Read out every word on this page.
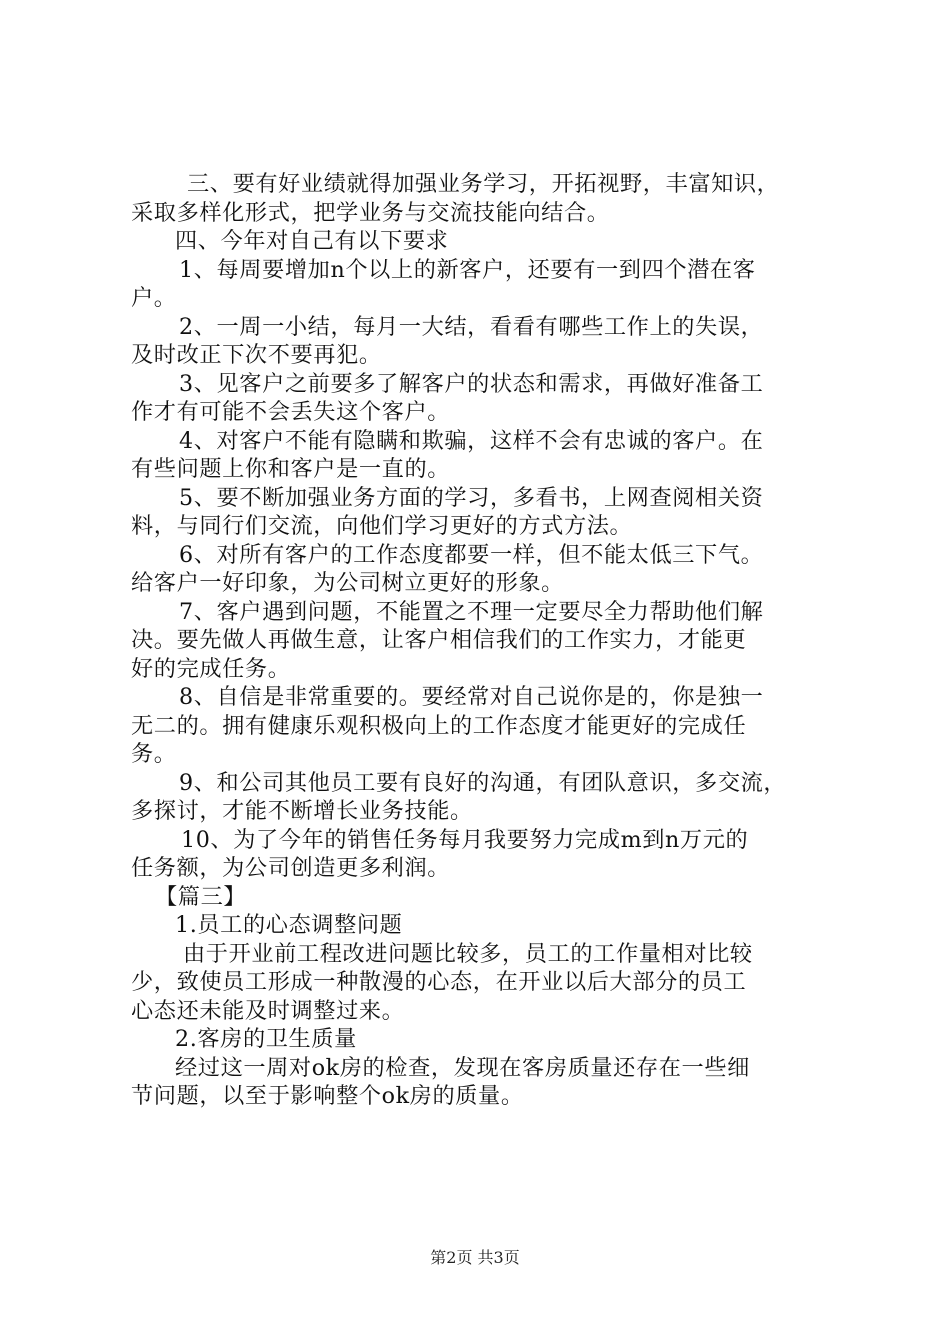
三、要有好业绩就得加强业务学习，开拓视野，丰富知识，
采取多样化形式，把学业务与交流技能向结合。
四、今年对自己有以下要求
1、每周要增加n个以上的新客户，还要有一到四个潜在客
户。
2、一周一小结，每月一大结，看看有哪些工作上的失误，
及时改正下次不要再犯。
3、见客户之前要多了解客户的状态和需求，再做好准备工
作才有可能不会丢失这个客户。
4、对客户不能有隐瞒和欺骗，这样不会有忠诚的客户。在
有些问题上你和客户是一直的。
5、要不断加强业务方面的学习，多看书，上网查阅相关资
料，与同行们交流，向他们学习更好的方式方法。
6、对所有客户的工作态度都要一样，但不能太低三下气。
给客户一好印象，为公司树立更好的形象。
7、客户遇到问题，不能置之不理一定要尽全力帮助他们解
决。要先做人再做生意，让客户相信我们的工作实力，才能更
好的完成任务。
8、自信是非常重要的。要经常对自己说你是的，你是独一
无二的。拥有健康乐观积极向上的工作态度才能更好的完成任
务。
9、和公司其他员工要有良好的沟通，有团队意识，多交流，
多探讨，才能不断增长业务技能。
10、为了今年的销售任务每月我要努力完成m到n万元的
任务额，为公司创造更多利润。
【篇三】
1.员工的心态调整问题
由于开业前工程改进问题比较多，员工的工作量相对比较
少，致使员工形成一种散漫的心态，在开业以后大部分的员工
心态还未能及时调整过来。
2.客房的卫生质量
经过这一周对ok房的检查，发现在客房质量还存在一些细
节问题，以至于影响整个ok房的质量。
第2页 共3页
